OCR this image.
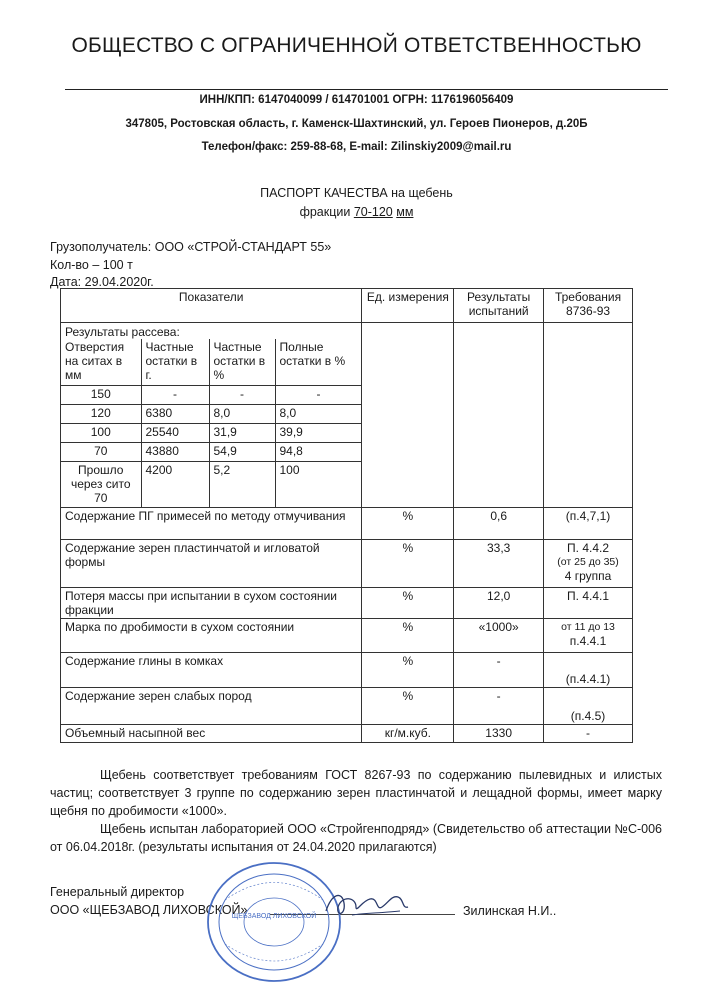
ОБЩЕСТВО С ОГРАНИЧЕННОЙ ОТВЕТСТВЕННОСТЬЮ
ИНН/КПП: 6147040099 / 614701001 ОГРН: 1176196056409
347805, Ростовская область, г. Каменск-Шахтинский, ул. Героев Пионеров, д.20Б
Телефон/факс: 259-88-68, E-mail: Zilinskiy2009@mail.ru
ПАСПОРТ КАЧЕСТВА на щебень
фракции 70-120 мм
Грузополучатель: ООО «СТРОЙ-СТАНДАРТ 55»
Кол-во – 100 т
Дата: 29.04.2020г.
Показатели	Ед. измерения	Результаты испытаний	Требования 8736-93
Результаты рассева:			

Отверстия на ситах в мм	Частные остатки в г.	Частные остатки в %	Полные остатки в %
150	-	-	-
120	6380	8,0	8,0
100	25540	31,9	39,9
70	43880	54,9	94,8
Прошло через сито 70	4200	5,2	100

Содержание ПГ примесей по методу отмучивания	%	0,6	(п.4,7,1)
Содержание зерен пластинчатой и игловатой формы	%	33,3	П. 4.4.2
(от 25 до 35)
4 группа

Потеря массы при испытании в сухом состоянии фракции	%	12,0	П. 4.4.1
Марка по дробимости в сухом состоянии	%	«1000»	от 11 до 13
п.4.4.1

Содержание глины в комках	%	-	(п.4.4.1)
Содержание зерен слабых пород	%	-	(п.4.5)
Объемный насыпной вес	кг/м.куб.	1330	-
Щебень соответствует требованиям ГОСТ 8267-93 по содержанию пылевидных и илистых частиц; соответствует 3 группе по содержанию зерен пластинчатой и лещадной формы, имеет марку щебня по дробимости «1000».
Щебень испытан лабораторией ООО «Стройгенподряд» (Свидетельство об аттестации №С-006 от 06.04.2018г. (результаты испытания от 24.04.2020 прилагаются)
Генеральный директор
ООО «ЩЕБЗАВОД ЛИХОВСКОЙ»	Зилинская Н.И..
ЩЕБЗАВОД ЛИХОВСКОЙ
